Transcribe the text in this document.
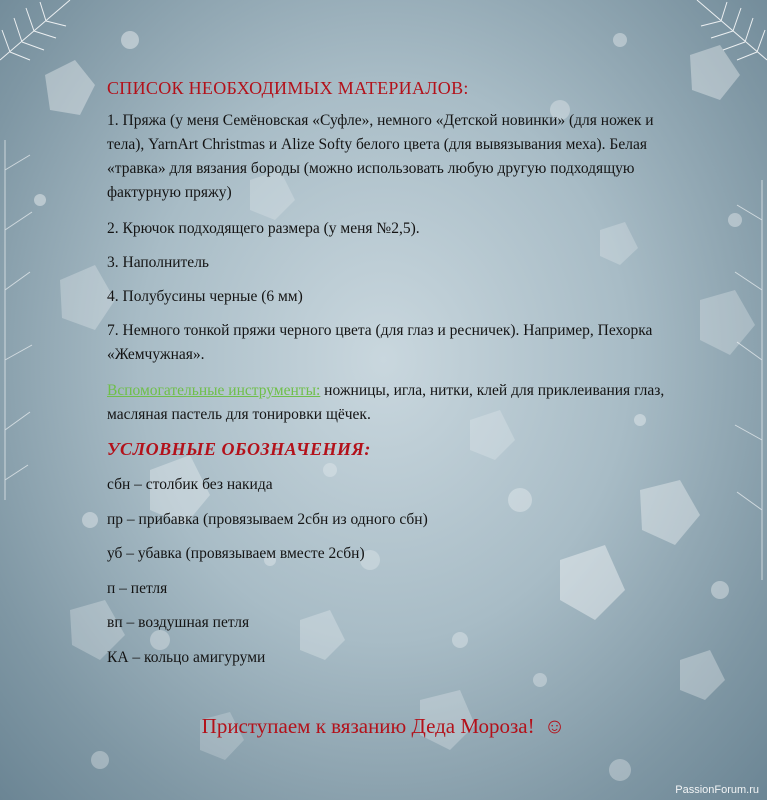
СПИСОК НЕОБХОДИМЫХ МАТЕРИАЛОВ:

1. Пряжа (у меня Семёновская «Суфле», немного «Детской новинки» (для ножек и тела), YarnArt Christmas и Alize Softy белого цвета (для вывязывания меха). Белая «травка» для вязания бороды (можно использовать любую другую подходящую фактурную пряжу)

2. Крючок подходящего размера (у меня №2,5).

3. Наполнитель

4. Полубусины черные (6 мм)

7. Немного тонкой пряжи черного цвета (для глаз и ресничек). Например, Пехорка «Жемчужная».

Вспомогательные инструменты: ножницы, игла, нитки, клей для приклеивания глаз, масляная пастель для тонировки щёчек.

УСЛОВНЫЕ ОБОЗНАЧЕНИЯ:

сбн – столбик без накида

пр – прибавка (провязываем 2сбн из одного сбн)

уб – убавка (провязываем вместе 2сбн)

п – петля

вп – воздушная петля

КА – кольцо амигуруми

Приступаем к вязанию Деда Мороза! ☺
PassionForum.ru
